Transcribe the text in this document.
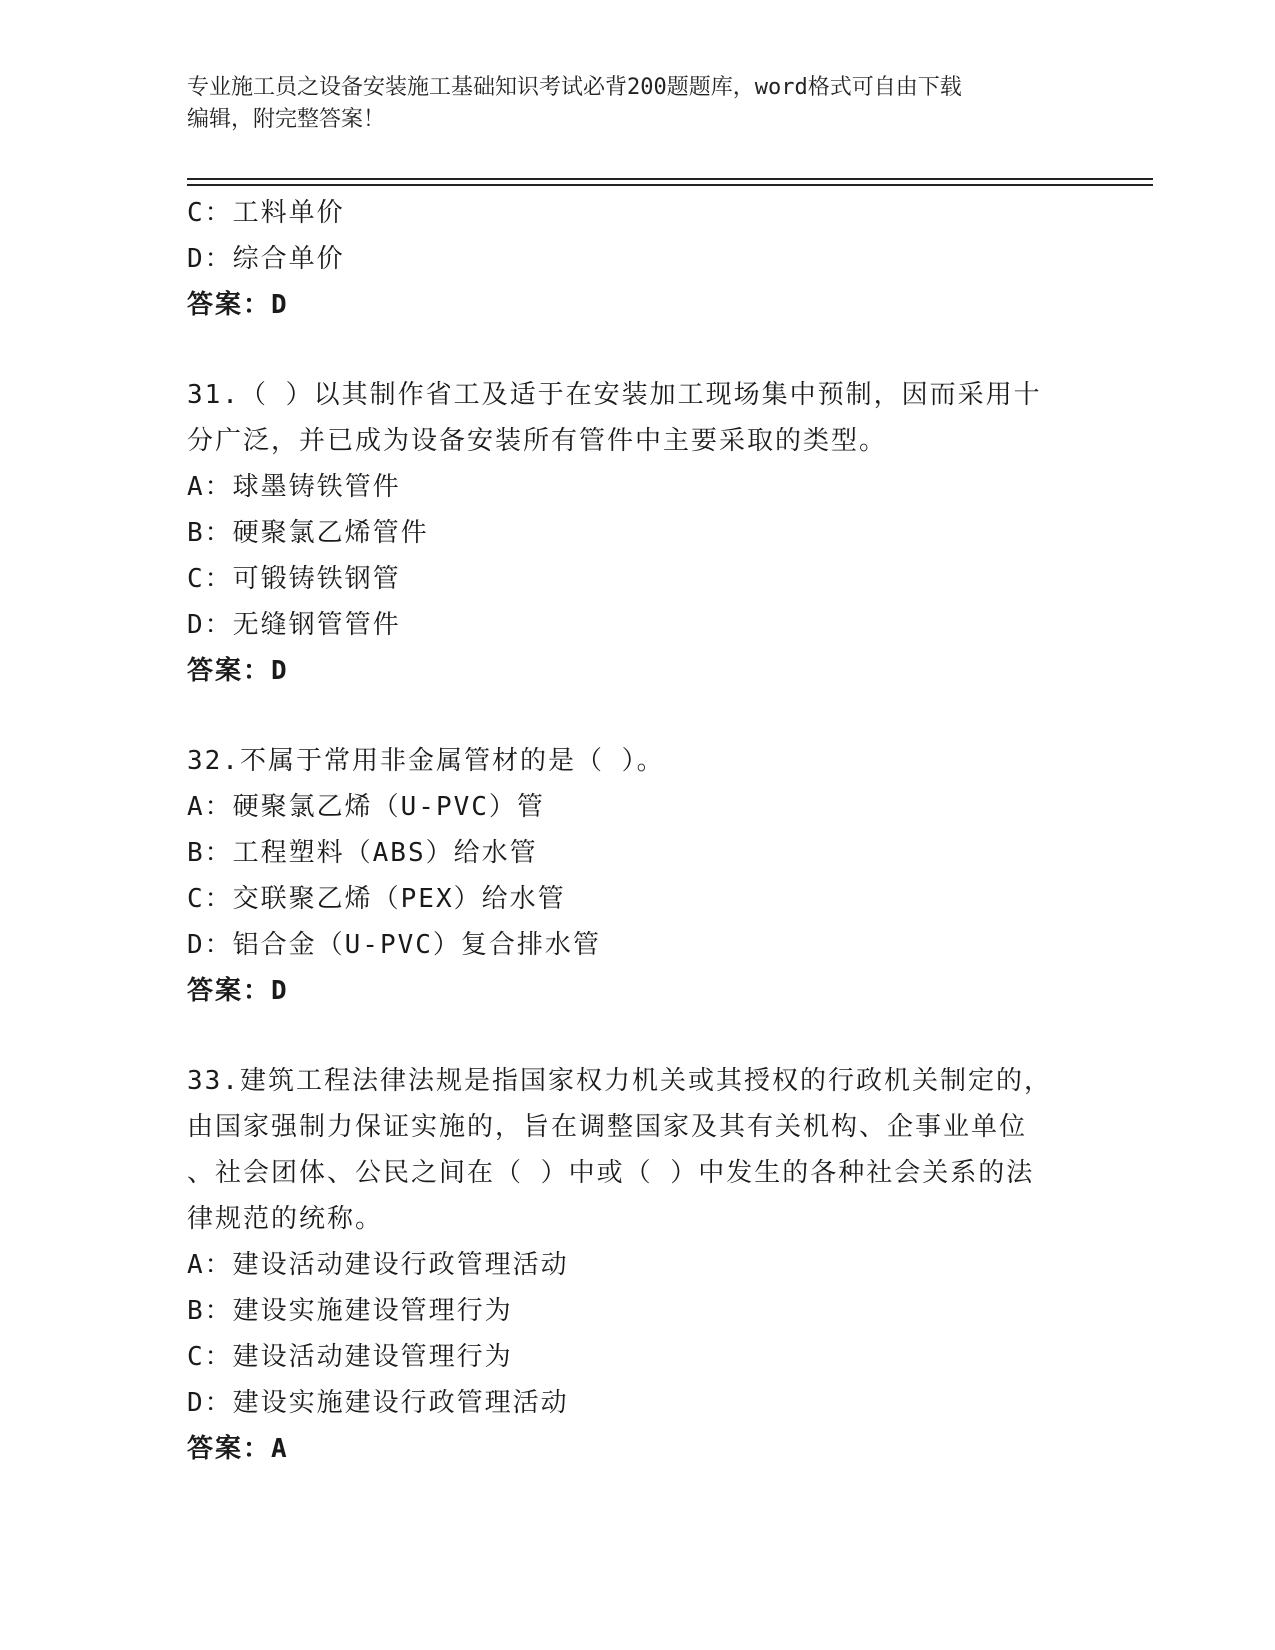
专业施工员之设备安装施工基础知识考试必背200题题库，word格式可自由下载
编辑，附完整答案！
C：工料单价
D：综合单价
答案：D
31.（ ）以其制作省工及适于在安装加工现场集中预制，因而采用十
分广泛，并已成为设备安装所有管件中主要采取的类型。
A：球墨铸铁管件
B：硬聚氯乙烯管件
C：可锻铸铁钢管
D：无缝钢管管件
答案：D
32.不属于常用非金属管材的是（ ）。
A：硬聚氯乙烯（U-PVC）管
B：工程塑料（ABS）给水管
C：交联聚乙烯（PEX）给水管
D：铝合金（U-PVC）复合排水管
答案：D
33.建筑工程法律法规是指国家权力机关或其授权的行政机关制定的，
由国家强制力保证实施的，旨在调整国家及其有关机构、企事业单位
、社会团体、公民之间在（ ）中或（ ）中发生的各种社会关系的法
律规范的统称。
A：建设活动建设行政管理活动
B：建设实施建设管理行为
C：建设活动建设管理行为
D：建设实施建设行政管理活动
答案：A
